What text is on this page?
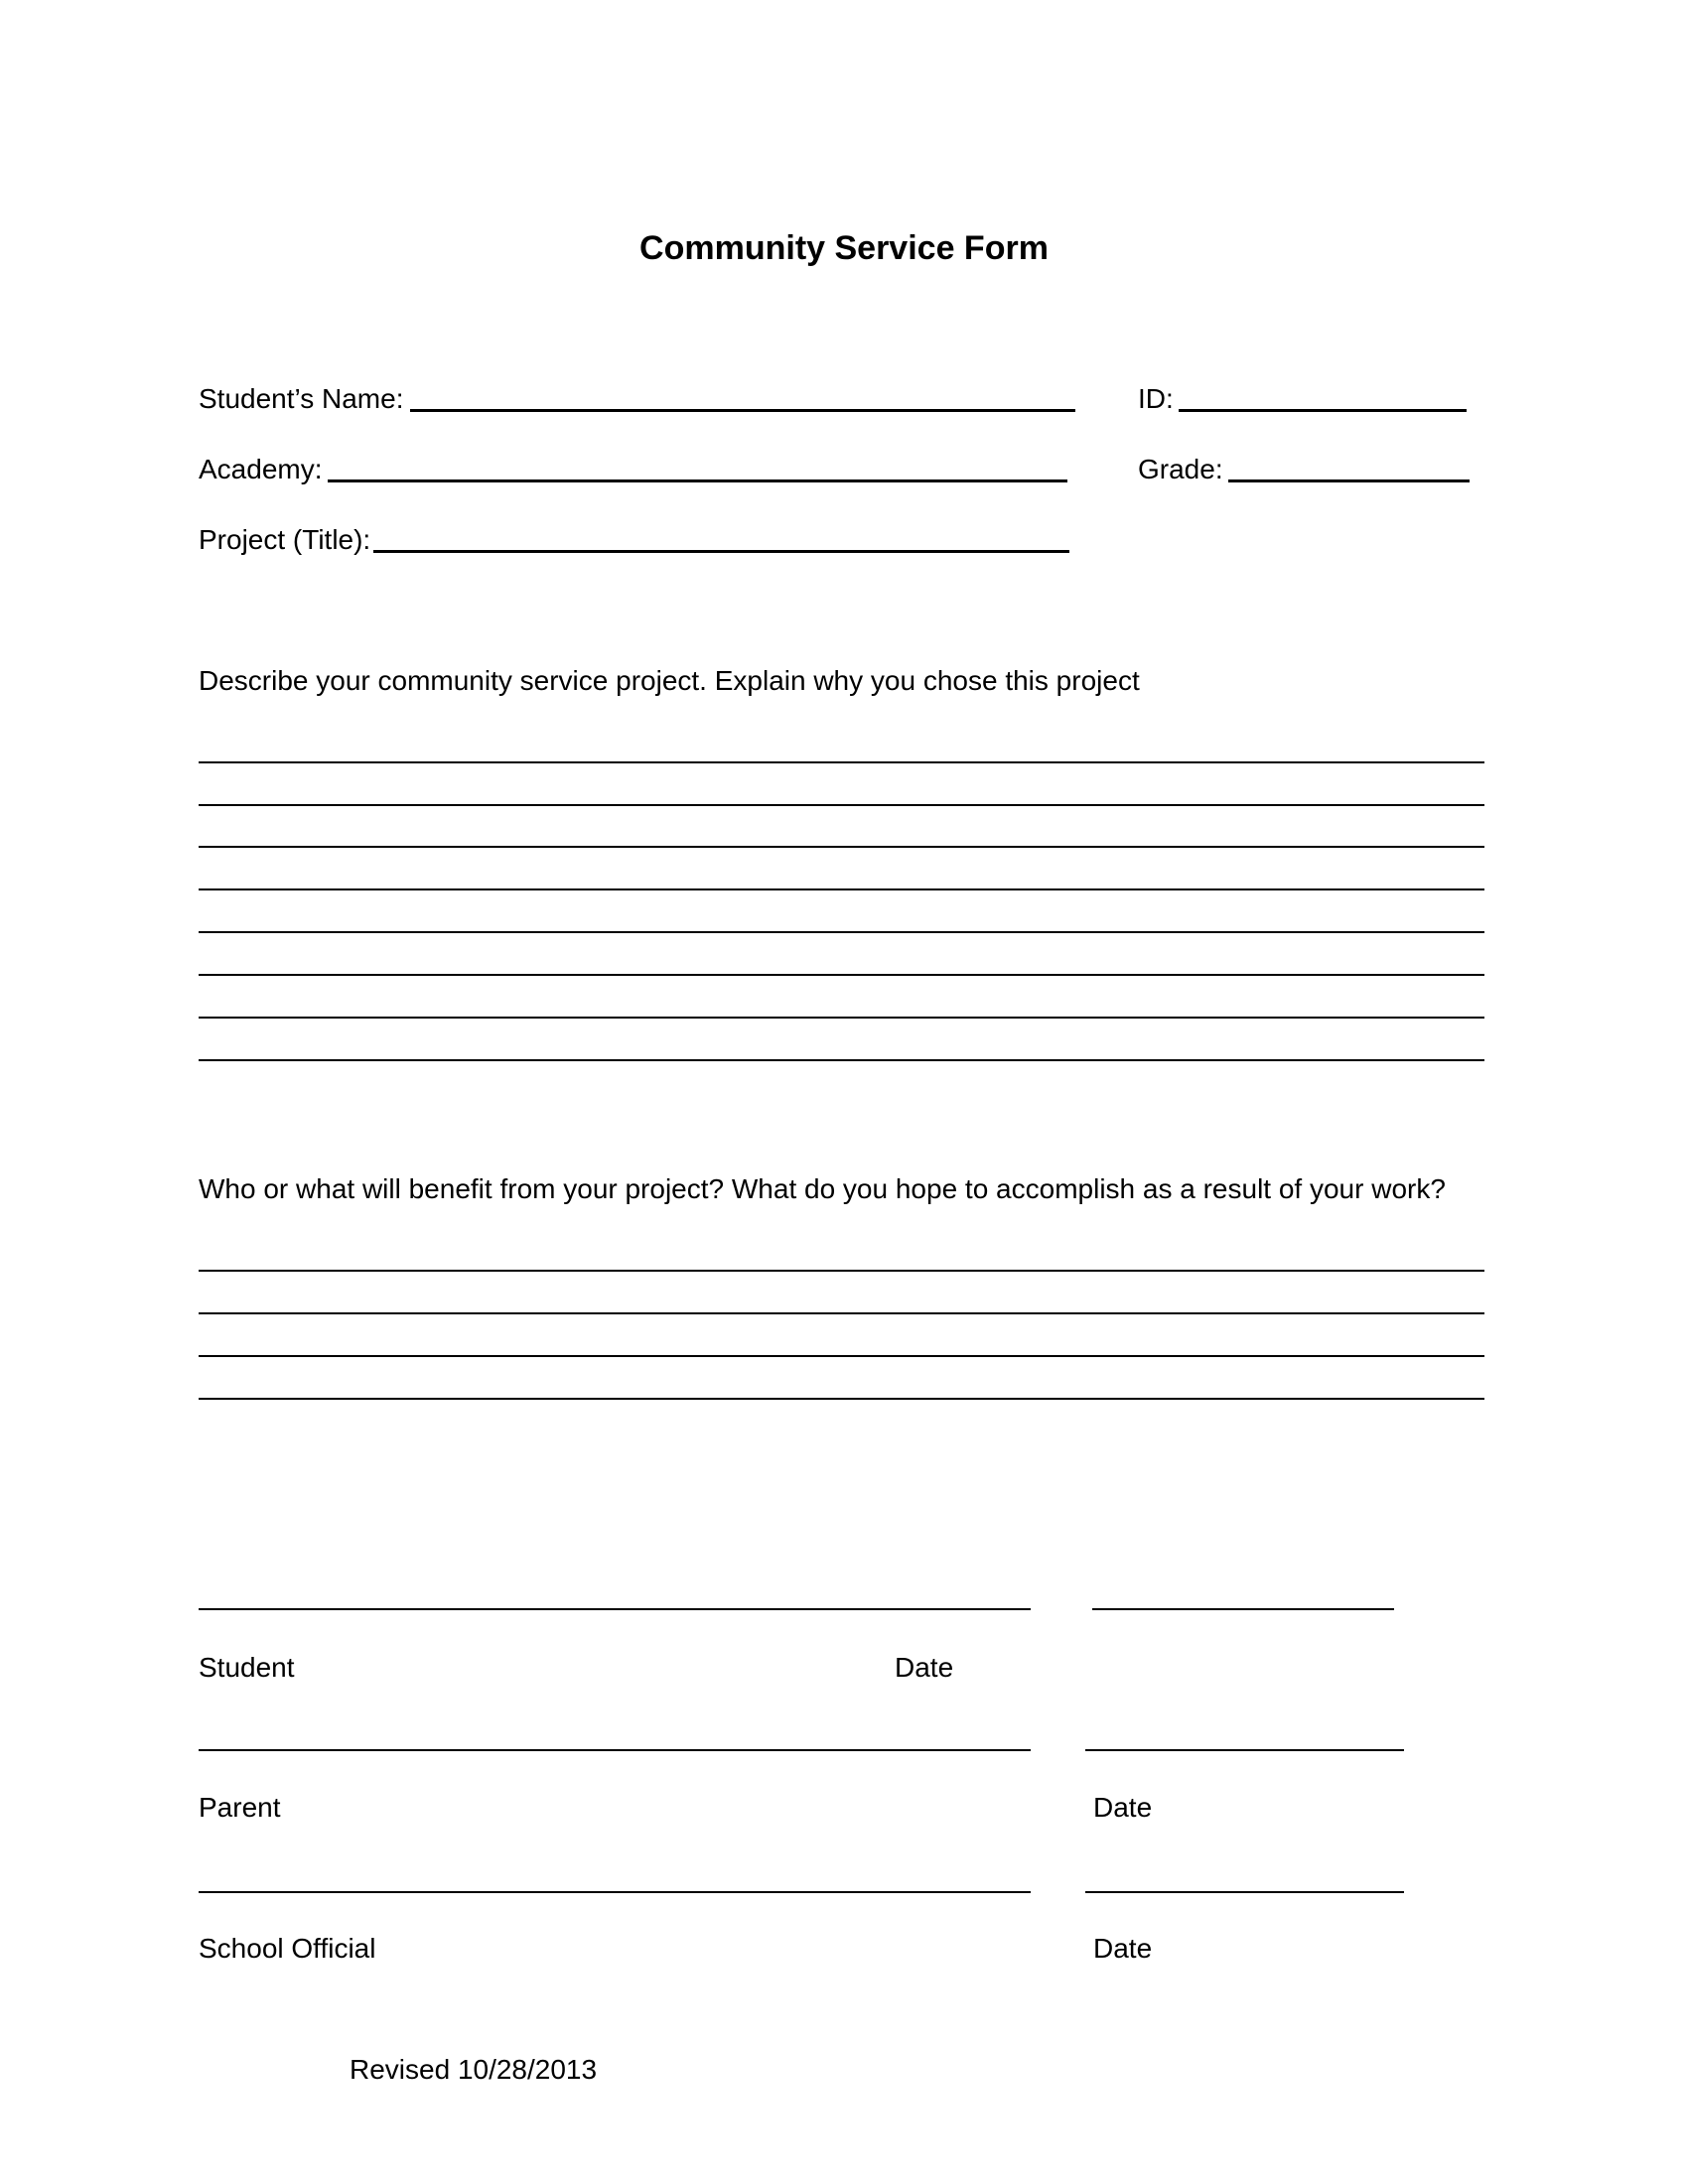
Community Service Form
Student’s Name:	ID:
Academy:	Grade:
Project (Title):
Describe your community service project. Explain why you chose this project
Who or what will benefit from your project? What do you hope to accomplish as a result of your work?
Student	Date
Parent	Date
School Official	Date
Revised 10/28/2013
